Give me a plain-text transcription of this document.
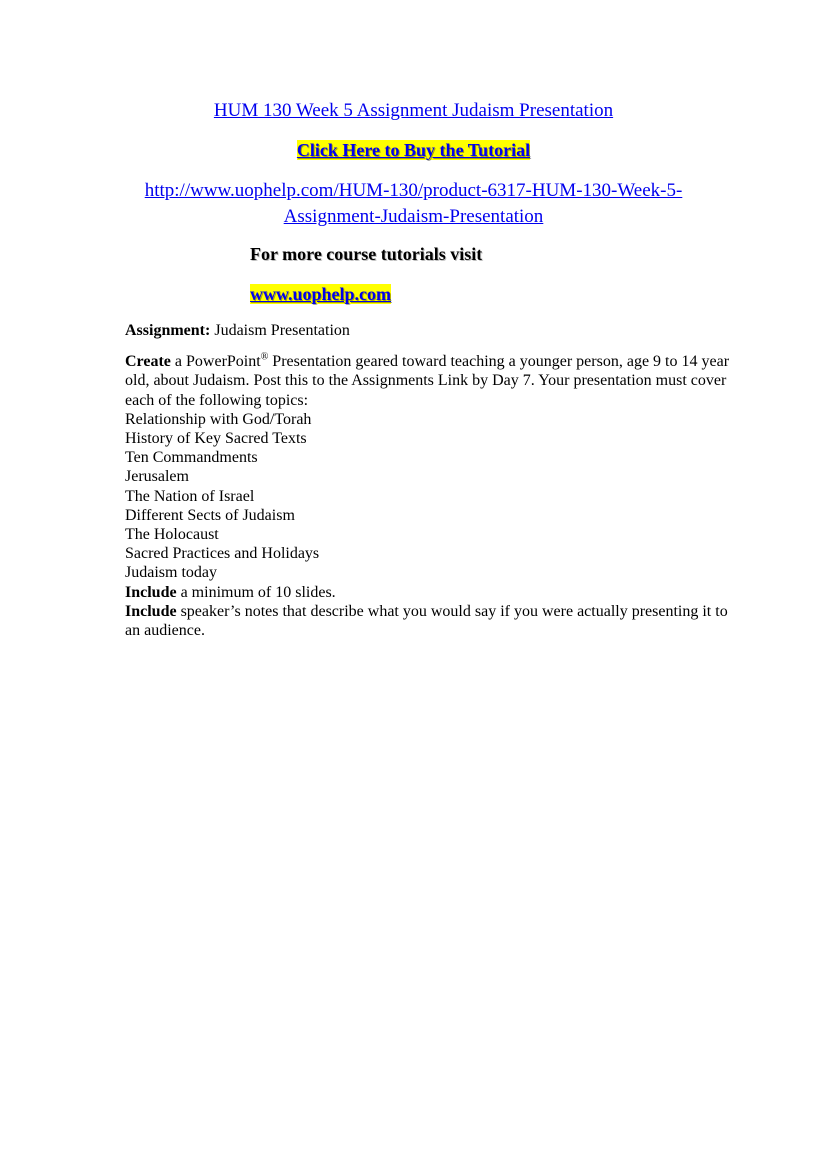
HUM 130 Week 5 Assignment Judaism Presentation
Click Here to Buy the Tutorial
http://www.uophelp.com/HUM-130/product-6317-HUM-130-Week-5-Assignment-Judaism-Presentation
For more course tutorials visit
www.uophelp.com

Assignment: Judaism Presentation

Create a PowerPoint® Presentation geared toward teaching a younger person, age 9 to 14 year old, about Judaism. Post this to the Assignments Link by Day 7. Your presentation must cover each of the following topics:

Relationship with God/Torah

History of Key Sacred Texts

Ten Commandments

Jerusalem

The Nation of Israel

Different Sects of Judaism

The Holocaust

Sacred Practices and Holidays

Judaism today

Include a minimum of 10 slides.

Include speaker’s notes that describe what you would say if you were actually presenting it to an audience.
